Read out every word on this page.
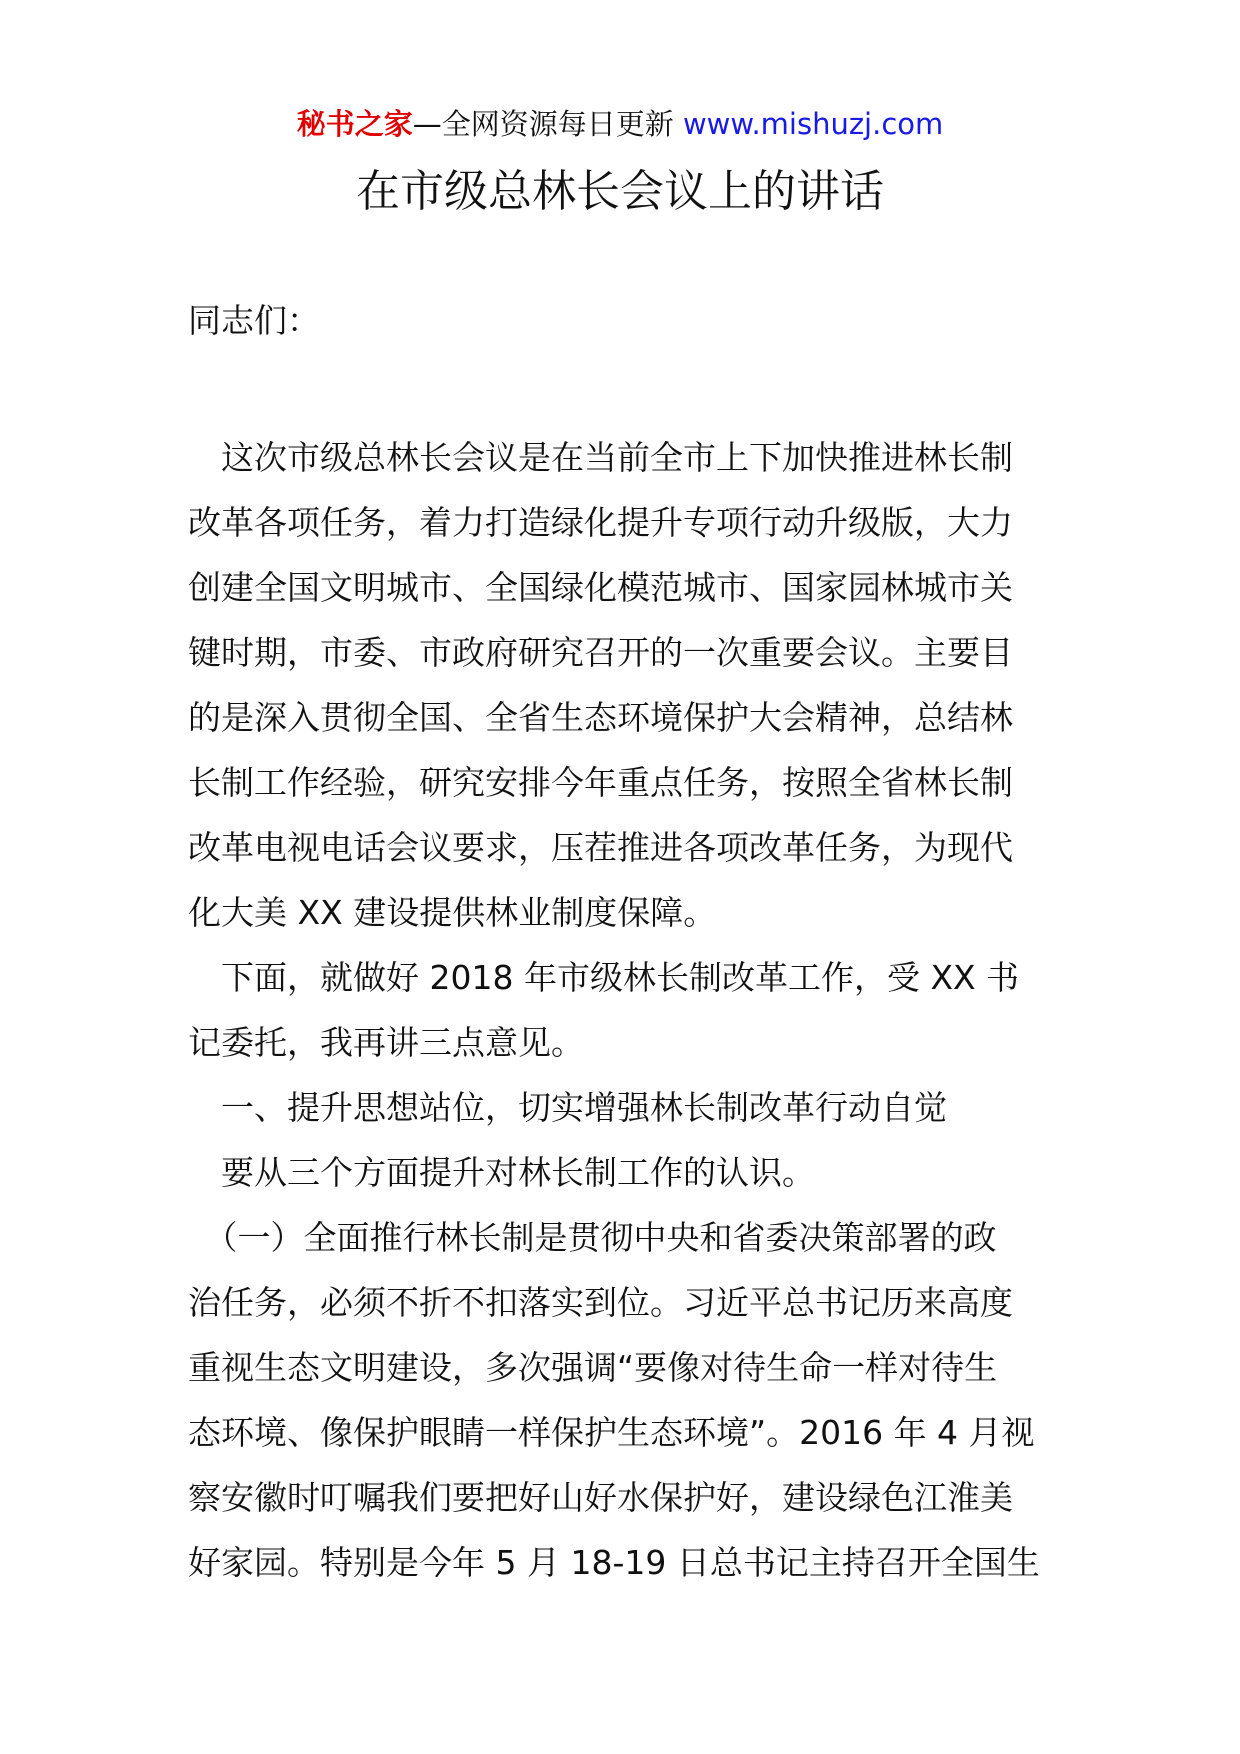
秘书之家—全网资源每日更新 www.mishuzj.com
在市级总林长会议上的讲话
同志们：

　这次市级总林长会议是在当前全市上下加快推进林长制

改革各项任务，着力打造绿化提升专项行动升级版，大力

创建全国文明城市、全国绿化模范城市、国家园林城市关

键时期，市委、市政府研究召开的一次重要会议。主要目

的是深入贯彻全国、全省生态环境保护大会精神，总结林

长制工作经验，研究安排今年重点任务，按照全省林长制

改革电视电话会议要求，压茬推进各项改革任务，为现代

化大美 XX 建设提供林业制度保障。

　下面，就做好 2018 年市级林长制改革工作，受 XX 书

记委托，我再讲三点意见。

　一、提升思想站位，切实增强林长制改革行动自觉

　要从三个方面提升对林长制工作的认识。

　（一）全面推行林长制是贯彻中央和省委决策部署的政

治任务，必须不折不扣落实到位。习近平总书记历来高度

重视生态文明建设，多次强调“要像对待生命一样对待生

态环境、像保护眼睛一样保护生态环境”。2016 年 4 月视

察安徽时叮嘱我们要把好山好水保护好，建设绿色江淮美

好家园。特别是今年 5 月 18-19 日总书记主持召开全国生
